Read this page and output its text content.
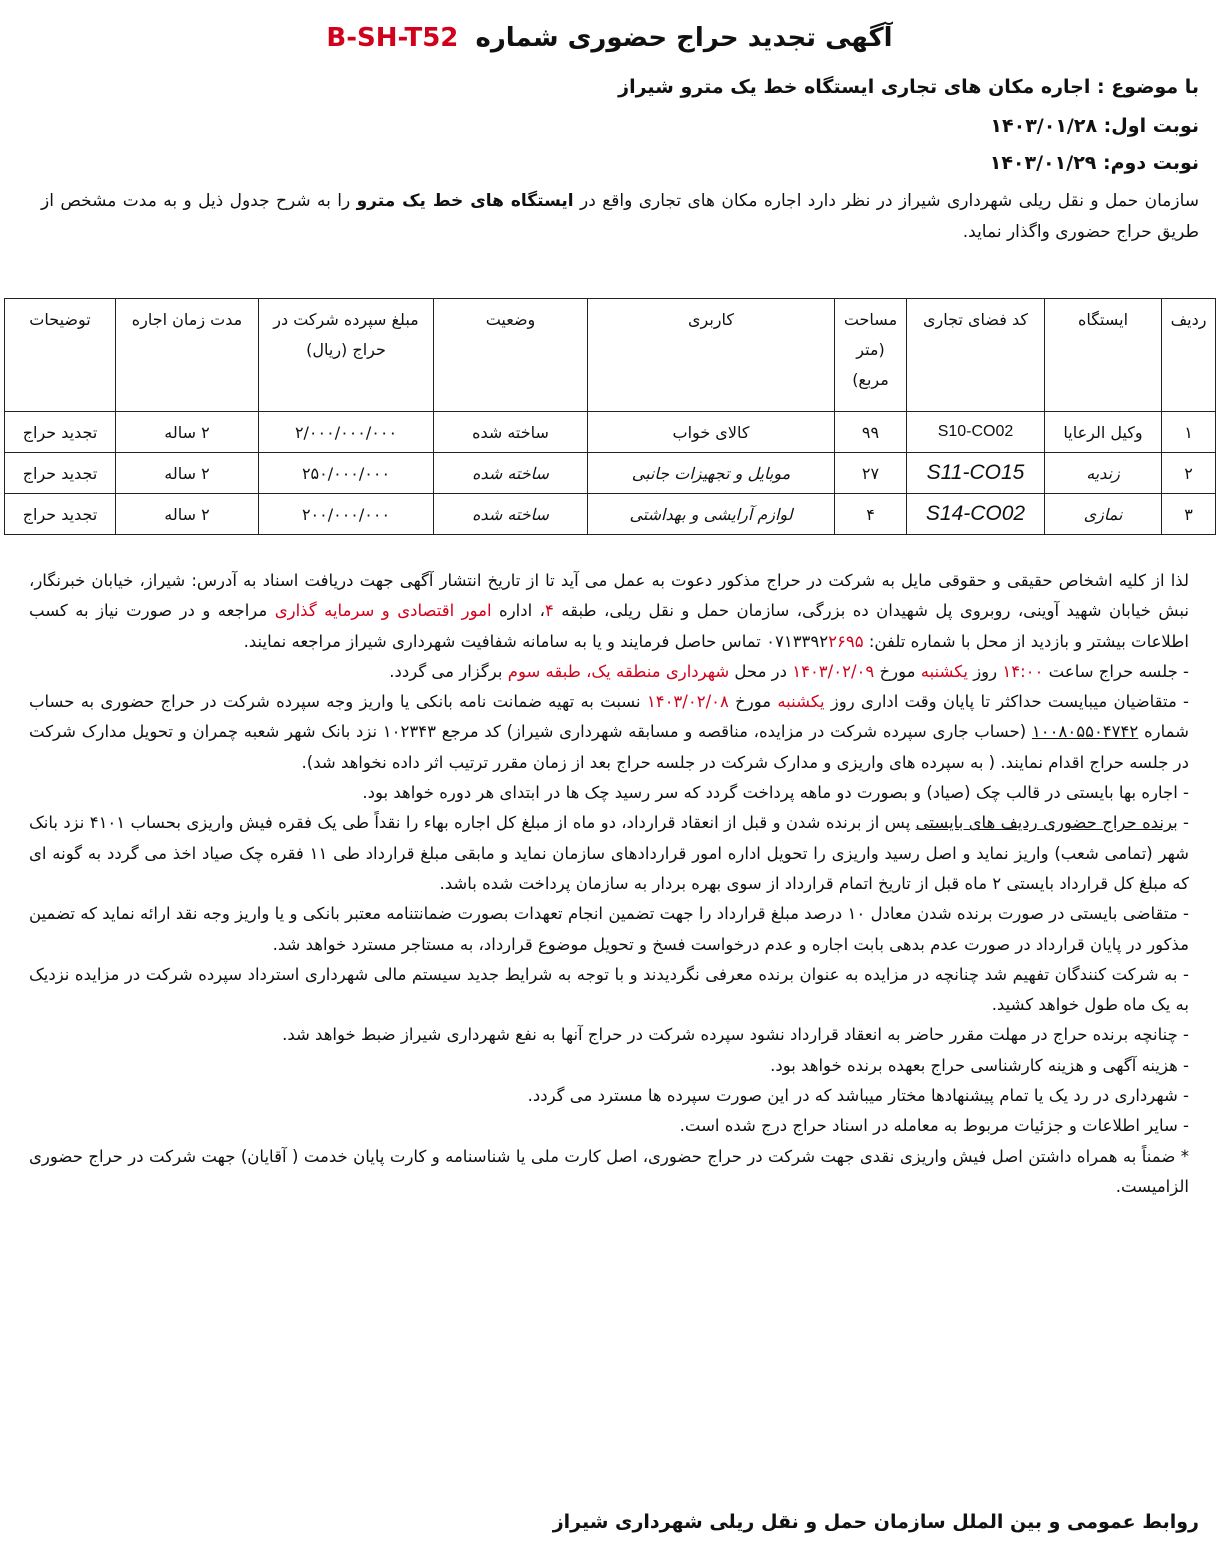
آگهی تجدید حراج حضوری شماره B-SH-T52
با موضوع : اجاره مکان های تجاری ایستگاه خط یک مترو شیراز
نوبت اول: ۱۴۰۳/۰۱/۲۸
نوبت دوم: ۱۴۰۳/۰۱/۲۹
سازمان حمل و نقل ریلی شهرداری شیراز در نظر دارد اجاره مکان های تجاری واقع در ایستگاه های خط یک مترو را به شرح جدول ذیل و به مدت مشخص از طریق حراج حضوری واگذار نماید.
ردیف	ایستگاه	کد فضای تجاری	مساحت (متر مربع)	کاربری	وضعیت	مبلغ سپرده شرکت در حراج (ریال)	مدت زمان اجاره	توضیحات
۱	وکیل الرعایا	S10-CO02	۹۹	کالای خواب	ساخته شده	۲/۰۰۰/۰۰۰/۰۰۰	۲ ساله	تجدید حراج
۲	زندیه	S11-CO15	۲۷	موبایل و تجهیزات جانبی	ساخته شده	۲۵۰/۰۰۰/۰۰۰	۲ ساله	تجدید حراج
۳	نمازی	S14-CO02	۴	لوازم آرایشی و بهداشتی	ساخته شده	۲۰۰/۰۰۰/۰۰۰	۲ ساله	تجدید حراج

لذا از کلیه اشخاص حقیقی و حقوقی مایل به شرکت در حراج مذکور دعوت به عمل می آید تا از تاریخ انتشار آگهی جهت دریافت اسناد به آدرس: شیراز، خیابان خبرنگار، نبش خیابان شهید آوینی، روبروی پل شهیدان ده بزرگی، سازمان حمل و نقل ریلی، طبقه ۴، اداره امور اقتصادی و سرمایه گذاری مراجعه و در صورت نیاز به کسب اطلاعات بیشتر و بازدید از محل با شماره تلفن: ۰۷۱۳۳۹۲۲۶۹۵ تماس حاصل فرمایند و یا به سامانه شفافیت شهرداری شیراز مراجعه نمایند.

- جلسه حراج ساعت ۱۴:۰۰ روز یکشنبه مورخ ۱۴۰۳/۰۲/۰۹ در محل شهرداری منطقه یک، طبقه سوم برگزار می گردد.

- متقاضیان میبایست حداکثر تا پایان وقت اداری روز یکشنبه مورخ ۱۴۰۳/۰۲/۰۸ نسبت به تهیه ضمانت نامه بانکی یا واریز وجه سپرده شرکت در حراج حضوری به حساب شماره ۱۰۰۸۰۵۵۰۴۷۴۲ (حساب جاری سپرده شرکت در مزایده، مناقصه و مسابقه شهرداری شیراز) کد مرجع ۱۰۲۳۴۳ نزد بانک شهر شعبه چمران و تحویل مدارک شرکت در جلسه حراج اقدام نمایند. ( به سپرده های واریزی و مدارک شرکت در جلسه حراج بعد از زمان مقرر ترتیب اثر داده نخواهد شد).

- اجاره بها بایستی در قالب چک (صیاد) و بصورت دو ماهه پرداخت گردد که سر رسید چک ها در ابتدای هر دوره خواهد بود.

- برنده حراج حضوری ردیف های بایستی پس از برنده شدن و قبل از انعقاد قرارداد، دو ماه از مبلغ کل اجاره بهاء را نقداً طی یک فقره فیش واریزی بحساب ۴۱۰۱ نزد بانک شهر (تمامی شعب) واریز نماید و اصل رسید واریزی را تحویل اداره امور قراردادهای سازمان نماید و مابقی مبلغ قرارداد طی ۱۱ فقره چک صیاد اخذ می گردد به گونه ای که مبلغ کل قرارداد بایستی ۲ ماه قبل از تاریخ اتمام قرارداد از سوی بهره بردار به سازمان پرداخت شده باشد.

- متقاضی بایستی در صورت برنده شدن معادل ۱۰ درصد مبلغ قرارداد را جهت تضمین انجام تعهدات بصورت ضمانتنامه معتبر بانکی و یا واریز وجه نقد ارائه نماید که تضمین مذکور در پایان قرارداد در صورت عدم بدهی بابت اجاره و عدم درخواست فسخ و تحویل موضوع قرارداد، به مستاجر مسترد خواهد شد.

- به شرکت کنندگان تفهیم شد چنانچه در مزایده به عنوان برنده معرفی نگردیدند و با توجه به شرایط جدید سیستم مالی شهرداری استرداد سپرده شرکت در مزایده نزدیک به یک ماه طول خواهد کشید.

- چنانچه برنده حراج در مهلت مقرر حاضر به انعقاد قرارداد نشود سپرده شرکت در حراج آنها به نفع شهرداری شیراز ضبط خواهد شد.

- هزینه آگهی و هزینه کارشناسی حراج بعهده برنده خواهد بود.

- شهرداری در رد یک یا تمام پیشنهادها مختار میباشد که در این صورت سپرده ها مسترد می گردد.

- سایر اطلاعات و جزئیات مربوط به معامله در اسناد حراج درج شده است.

* ضمناً به همراه داشتن اصل فیش واریزی نقدی جهت شرکت در حراج حضوری، اصل کارت ملی یا شناسنامه و کارت پایان خدمت ( آقایان) جهت شرکت در حراج حضوری الزامیست.

روابط عمومی و بین الملل سازمان حمل و نقل ریلی شهرداری شیراز
